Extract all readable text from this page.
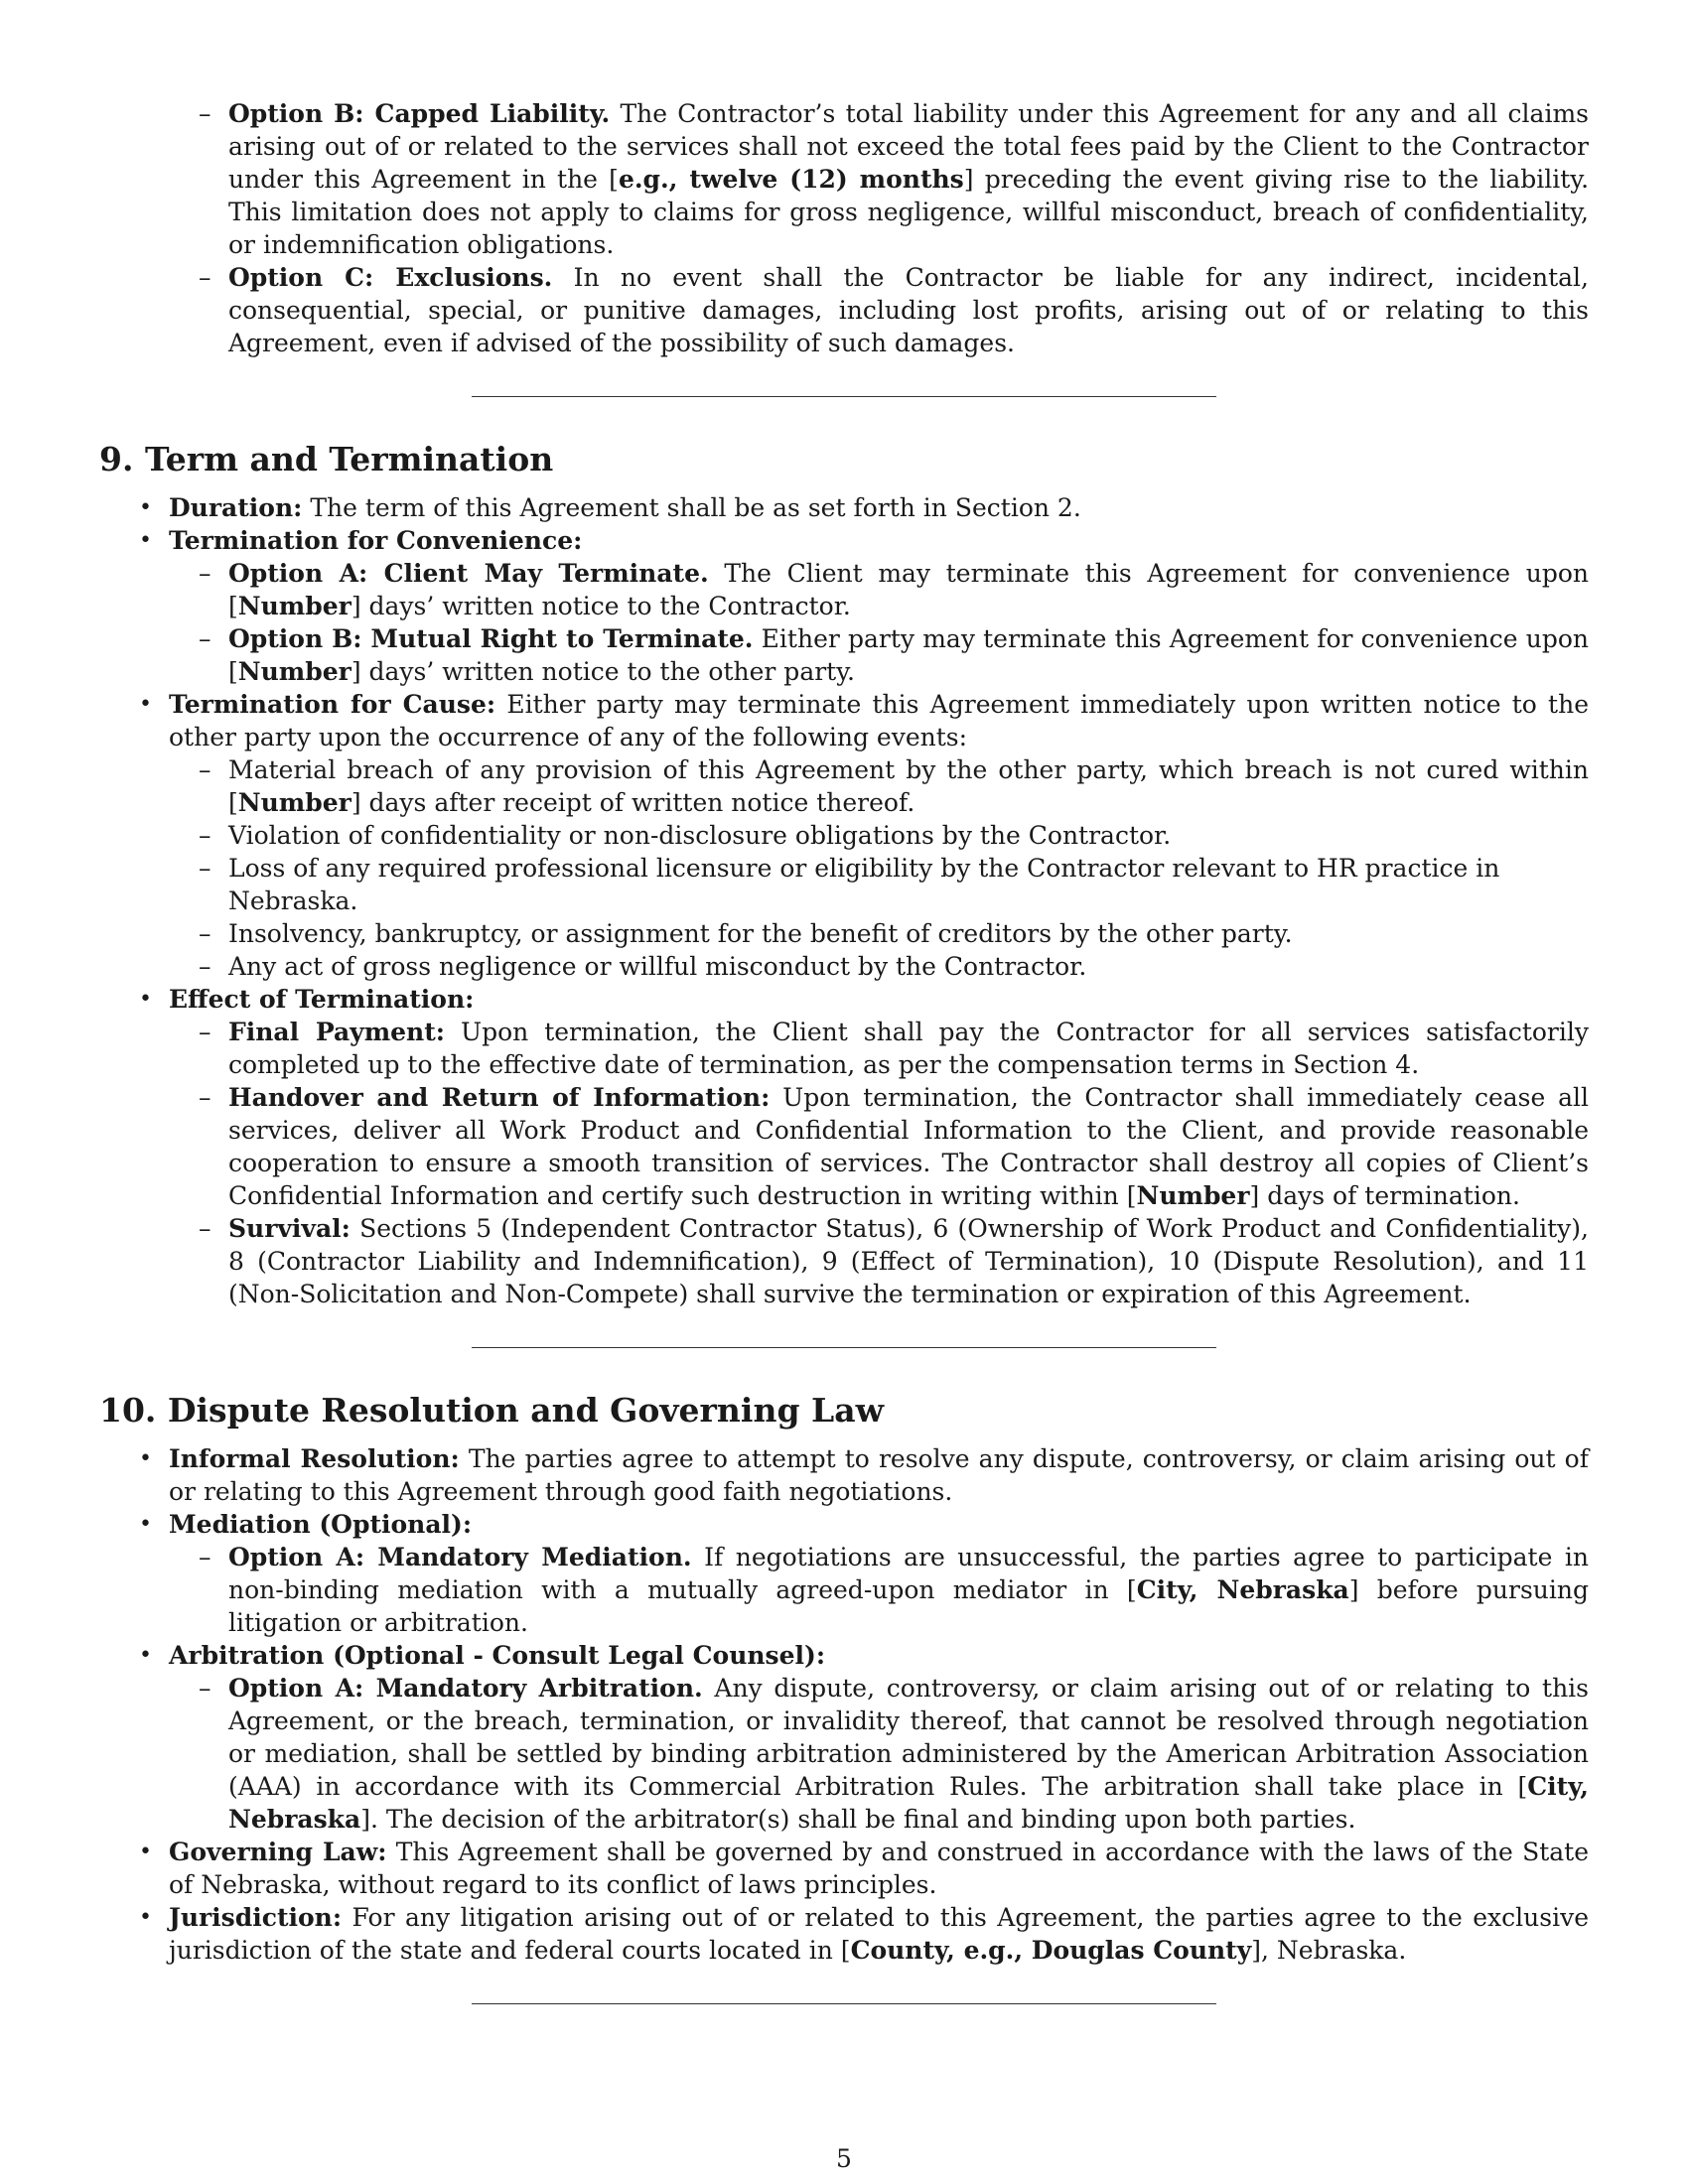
– Option B: Capped Liability. The Contractor’s total liability under this Agreement for any and all claims arising out of or related to the services shall not exceed the total fees paid by the Client to the Contractor under this Agreement in the [e.g., twelve (12) months] preceding the event giving rise to the liability. This limitation does not apply to claims for gross negligence, willful misconduct, breach of confidentiality, or indemnification obligations.
– Option C: Exclusions. In no event shall the Contractor be liable for any indirect, incidental, consequential, special, or punitive damages, including lost profits, arising out of or relating to this Agreement, even if advised of the possibility of such damages.
9. Term and Termination
• Duration: The term of this Agreement shall be as set forth in Section 2.
• Termination for Convenience:
– Option A: Client May Terminate. The Client may terminate this Agreement for convenience upon [Number] days’ written notice to the Contractor.
– Option B: Mutual Right to Terminate. Either party may terminate this Agreement for convenience upon [Number] days’ written notice to the other party.
• Termination for Cause: Either party may terminate this Agreement immediately upon written notice to the other party upon the occurrence of any of the following events:
– Material breach of any provision of this Agreement by the other party, which breach is not cured within [Number] days after receipt of written notice thereof.
– Violation of confidentiality or non-disclosure obligations by the Contractor.
– Loss of any required professional licensure or eligibility by the Contractor relevant to HR practice in Nebraska.
– Insolvency, bankruptcy, or assignment for the benefit of creditors by the other party.
– Any act of gross negligence or willful misconduct by the Contractor.
• Effect of Termination:
– Final Payment: Upon termination, the Client shall pay the Contractor for all services satisfactorily completed up to the effective date of termination, as per the compensation terms in Section 4.
– Handover and Return of Information: Upon termination, the Contractor shall immediately cease all services, deliver all Work Product and Confidential Information to the Client, and provide reasonable cooperation to ensure a smooth transition of services. The Contractor shall destroy all copies of Client’s Confidential Information and certify such destruction in writing within [Number] days of termination.
– Survival: Sections 5 (Independent Contractor Status), 6 (Ownership of Work Product and Confidentiality), 8 (Contractor Liability and Indemnification), 9 (Effect of Termination), 10 (Dispute Resolution), and 11 (Non-Solicitation and Non-Compete) shall survive the termination or expiration of this Agreement.
10. Dispute Resolution and Governing Law
• Informal Resolution: The parties agree to attempt to resolve any dispute, controversy, or claim arising out of or relating to this Agreement through good faith negotiations.
• Mediation (Optional):
– Option A: Mandatory Mediation. If negotiations are unsuccessful, the parties agree to participate in non-binding mediation with a mutually agreed-upon mediator in [City, Nebraska] before pursuing litigation or arbitration.
• Arbitration (Optional - Consult Legal Counsel):
– Option A: Mandatory Arbitration. Any dispute, controversy, or claim arising out of or relating to this Agreement, or the breach, termination, or invalidity thereof, that cannot be resolved through negotiation or mediation, shall be settled by binding arbitration administered by the American Arbitration Association (AAA) in accordance with its Commercial Arbitration Rules. The arbitration shall take place in [City, Nebraska]. The decision of the arbitrator(s) shall be final and binding upon both parties.
• Governing Law: This Agreement shall be governed by and construed in accordance with the laws of the State of Nebraska, without regard to its conflict of laws principles.
• Jurisdiction: For any litigation arising out of or related to this Agreement, the parties agree to the exclusive jurisdiction of the state and federal courts located in [County, e.g., Douglas County], Nebraska.
5
